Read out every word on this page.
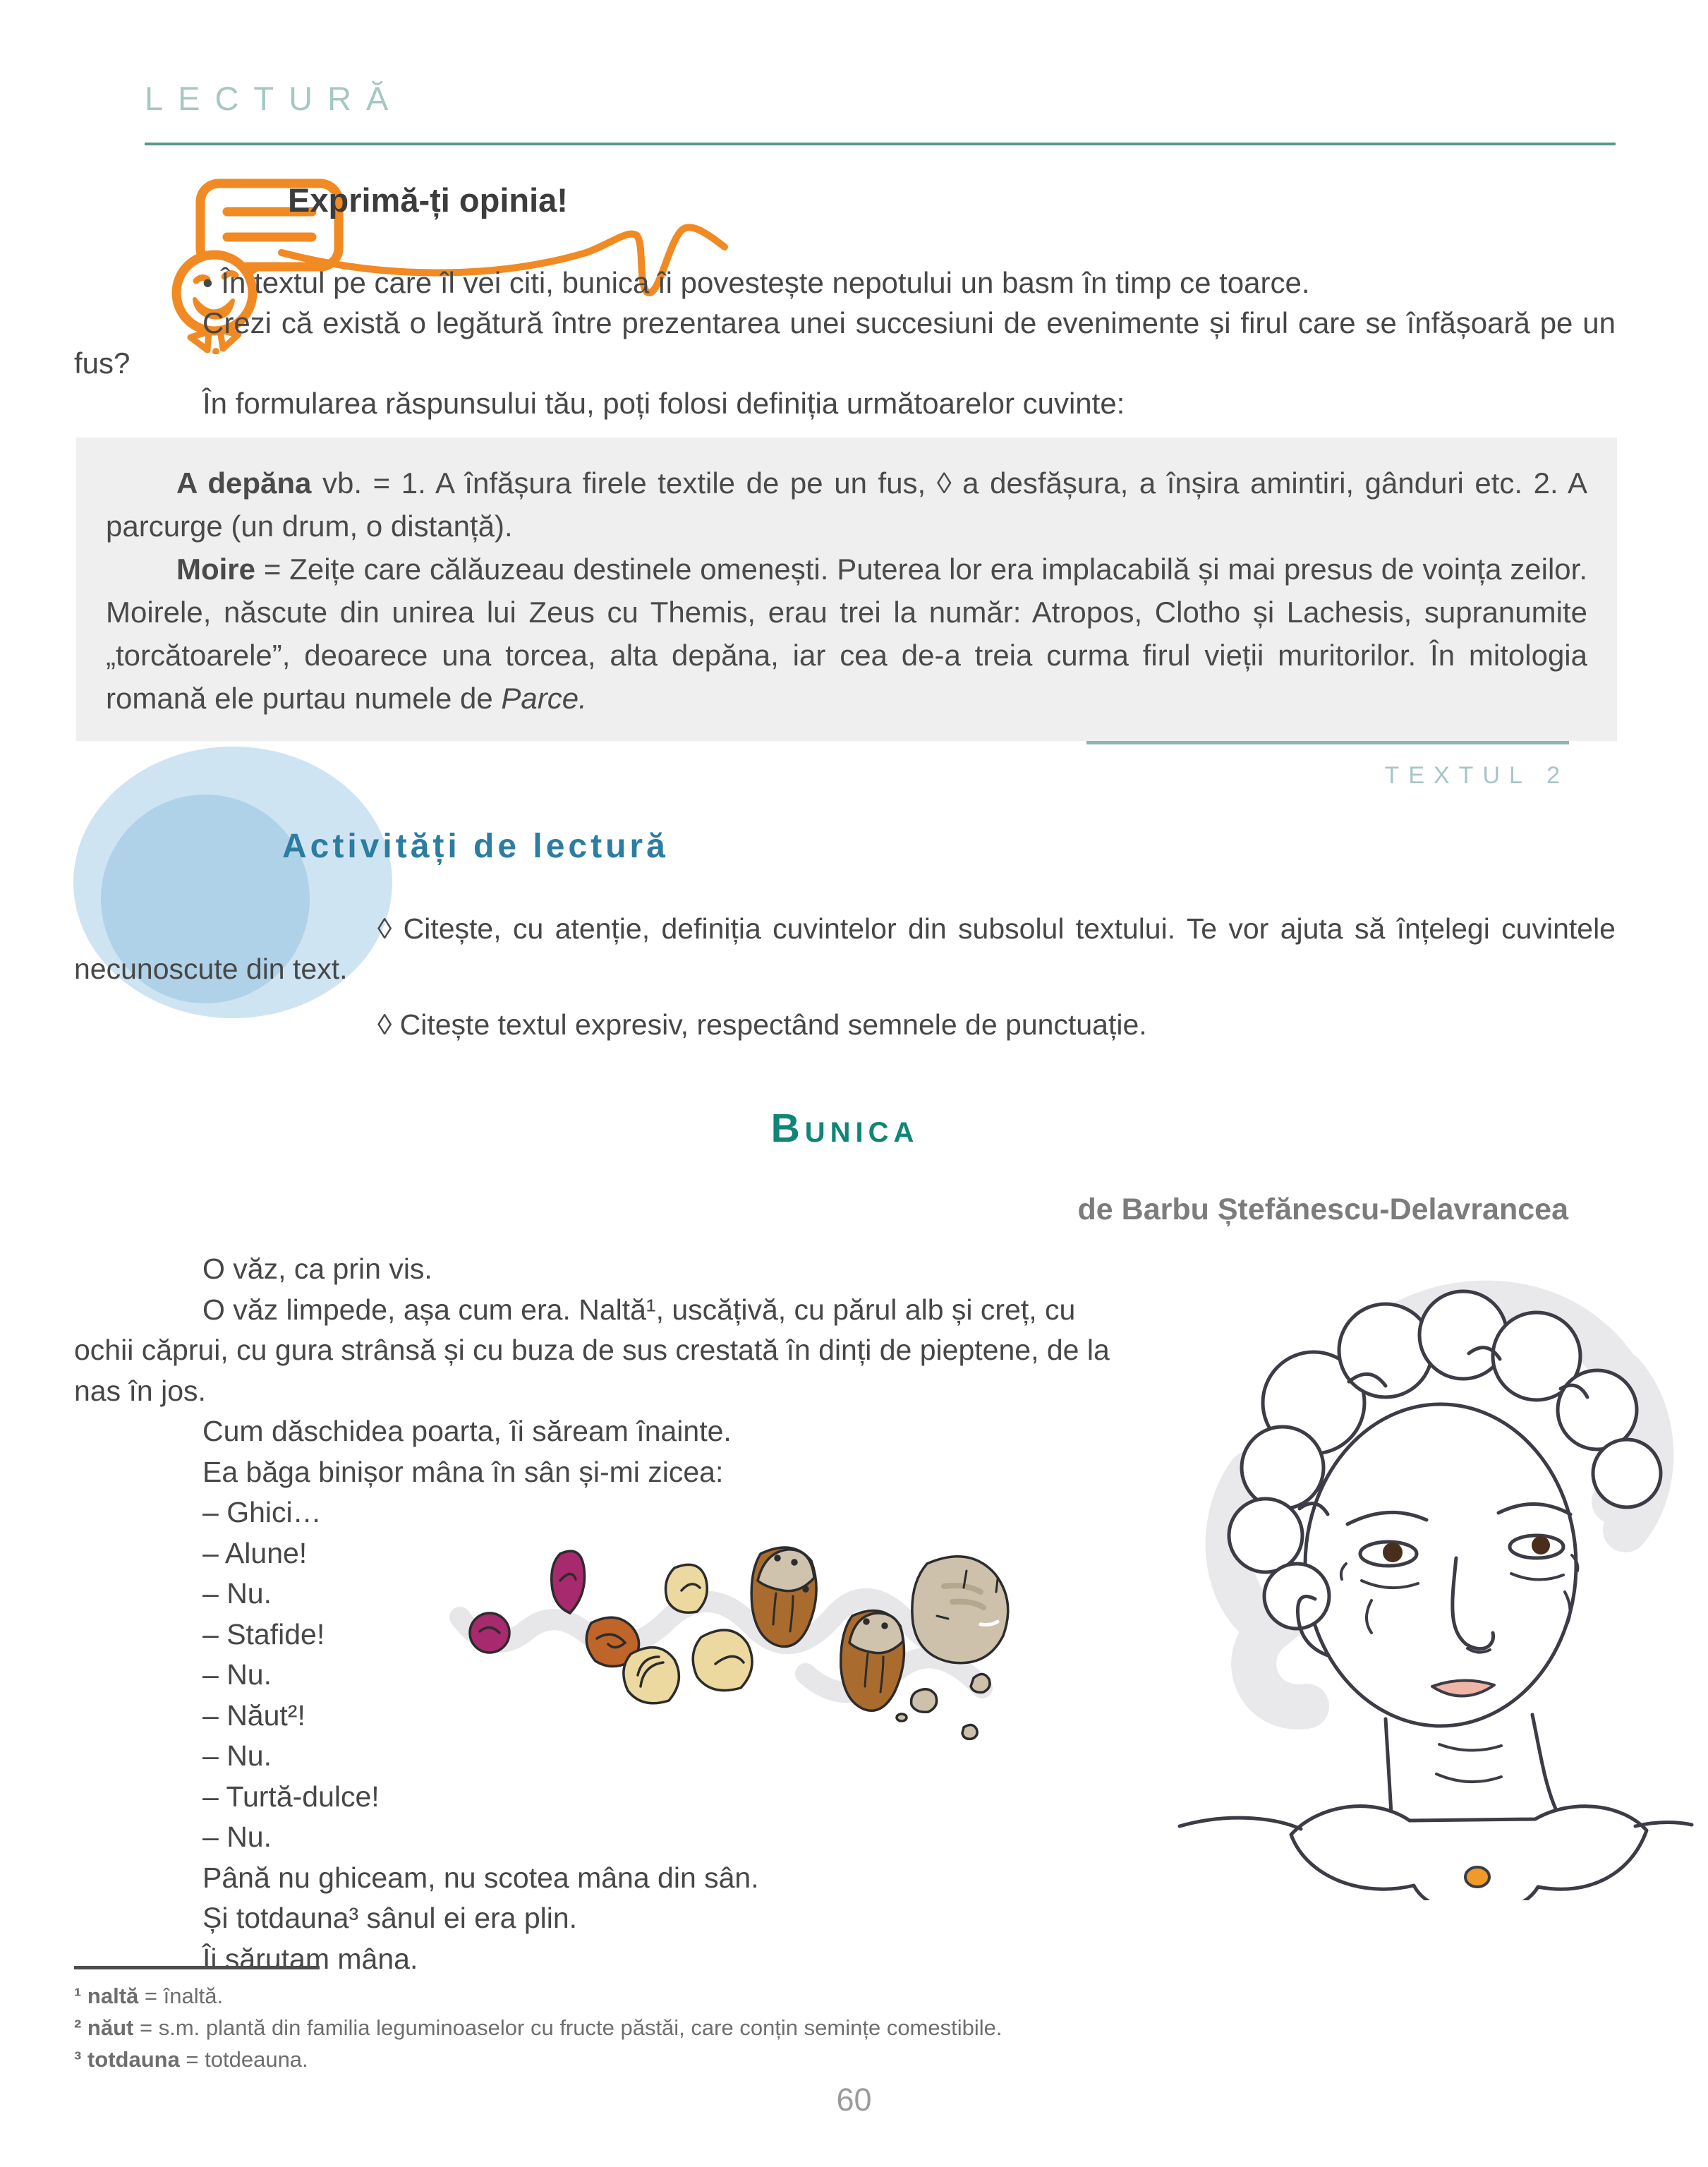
LECTURĂ
Exprimă-ți opinia!

• În textul pe care îl vei citi, bunica îi povestește nepotului un basm în timp ce toarce.

Crezi că există o legătură între prezentarea unei succesiuni de evenimente și firul care se înfășoară pe un fus?

În formularea răspunsului tău, poți folosi definiția următoarelor cuvinte:

A depăna vb. = 1. A înfășura firele textile de pe un fus, ◊ a desfășura, a înșira amintiri, gânduri etc. 2. A parcurge (un drum, o distanță).

Moire = Zeițe care călăuzeau destinele omenești. Puterea lor era implacabilă și mai presus de voința zeilor. Moirele, născute din unirea lui Zeus cu Themis, erau trei la număr: Atropos, Clotho și Lachesis, supranumite „torcătoarele”, deoarece una torcea, alta depăna, iar cea de-a treia curma firul vieții muritorilor. În mitologia romană ele purtau numele de Parce.

TEXTUL 2
Activități de lectură

◊ Citește, cu atenție, definiția cuvintelor din subsolul textului. Te vor ajuta să înțelegi cuvintele necunoscute din text.

◊ Citește textul expresiv, respectând semnele de punctuație.

Bunica
de Barbu Ștefănescu-Delavrancea

O văz, ca prin vis.

O văz limpede, așa cum era. Naltă¹, uscățivă, cu părul alb și creț, cu ochii căprui, cu gura strânsă și cu buza de sus crestată în dinți de pieptene, de la nas în jos.

Cum dăschidea poarta, îi săream înainte.

Ea băga binișor mâna în sân și-mi zicea:

– Ghici…

– Alune!

– Nu.

– Stafide!

– Nu.

– Năut²!

– Nu.

– Turtă-dulce!

– Nu.

Până nu ghiceam, nu scotea mâna din sân.

Și totdauna³ sânul ei era plin.

Îi sărutam mâna.

¹ naltă = înaltă.

² năut = s.m. plantă din familia leguminoaselor cu fructe păstăi, care conțin semințe comestibile.

³ totdauna = totdeauna.

60
